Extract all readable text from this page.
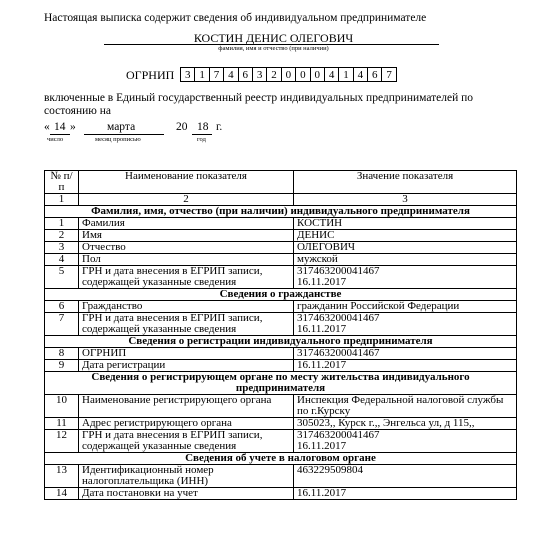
Настоящая выписка содержит сведения об индивидуальном предпринимателе
КОСТИН ДЕНИС ОЛЕГОВИЧ
фамилия, имя и отчество (при наличии)
ОГРНИП 3 1 7 4 6 3 2 0 0 0 4 1 4 6 7
включенные в Единый государственный реестр индивидуальных предпринимателей по состоянию на
« 14 »
число
марта
месяц прописью
20 18
год
г.
№ п/п	Наименование показателя	Значение показателя
1	2	3
Фамилия, имя, отчество (при наличии) индивидуального предпринимателя		
1	Фамилия	КОСТИН
2	Имя	ДЕНИС
3	Отчество	ОЛЕГОВИЧ
4	Пол	мужской
5	ГРН и дата внесения в ЕГРИП записи, содержащей указанные сведения	317463200041467
16.11.2017
Сведения о гражданстве		
6	Гражданство	гражданин Российской Федерации
7	ГРН и дата внесения в ЕГРИП записи, содержащей указанные сведения	317463200041467
16.11.2017
Сведения о регистрации индивидуального предпринимателя		
8	ОГРНИП	317463200041467
9	Дата регистрации	16.11.2017
Сведения о регистрирующем органе по месту жительства индивидуального предпринимателя		
10	Наименование регистрирующего органа	Инспекция Федеральной налоговой службы по г.Курску
11	Адрес регистрирующего органа	305023,, Курск г.,, Энгельса ул, д 115,,
12	ГРН и дата внесения в ЕГРИП записи, содержащей указанные сведения	317463200041467
16.11.2017
Сведения об учете в налоговом органе		
13	Идентификационный номер налогоплательщика (ИНН)	463229509804
14	Дата постановки на учет	16.11.2017
